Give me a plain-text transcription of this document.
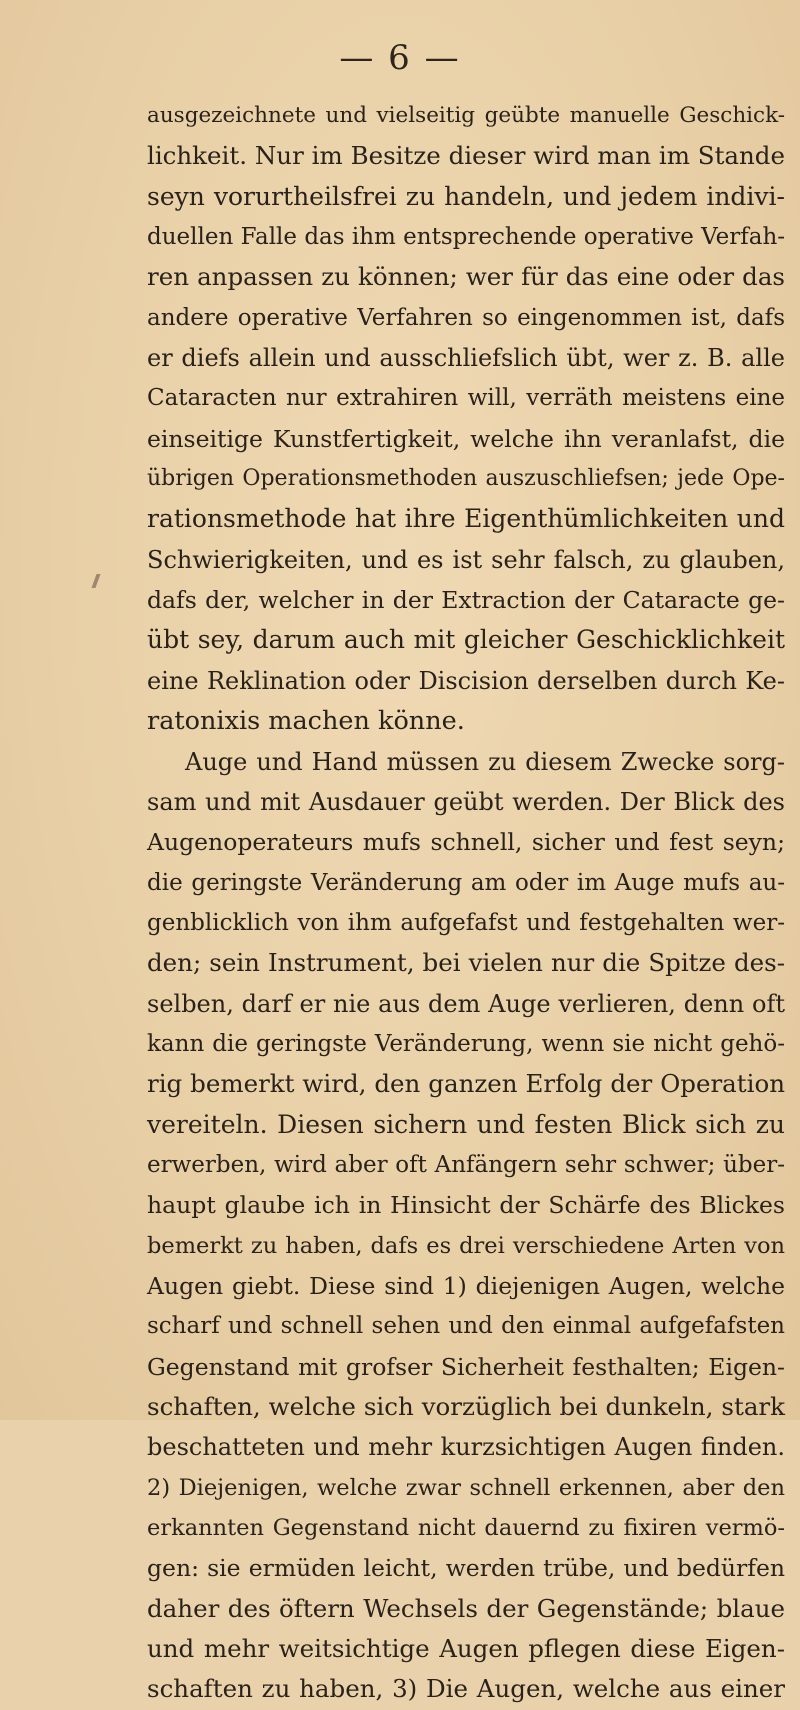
— 6 —
ausgezeichnete und vielseitig geübte manuelle Geschick-
lichkeit. Nur im Besitze dieser wird man im Stande
seyn vorurtheilsfrei zu handeln, und jedem indivi-
duellen Falle das ihm entsprechende operative Verfah-
ren anpassen zu können; wer für das eine oder das
andere operative Verfahren so eingenommen ist, dafs
er diefs allein und ausschliefslich übt, wer z. B. alle
Cataracten nur extrahiren will, verräth meistens eine
einseitige Kunstfertigkeit, welche ihn veranlafst, die
übrigen Operationsmethoden auszuschliefsen; jede Ope-
rationsmethode hat ihre Eigenthümlichkeiten und
Schwierigkeiten, und es ist sehr falsch, zu glauben,
dafs der, welcher in der Extraction der Cataracte ge-
übt sey, darum auch mit gleicher Geschicklichkeit
eine Reklination oder Discision derselben durch Ke-
ratonixis machen könne.
Auge und Hand müssen zu diesem Zwecke sorg-
sam und mit Ausdauer geübt werden. Der Blick des
Augenoperateurs mufs schnell, sicher und fest seyn;
die geringste Veränderung am oder im Auge mufs au-
genblicklich von ihm aufgefafst und festgehalten wer-
den; sein Instrument, bei vielen nur die Spitze des-
selben, darf er nie aus dem Auge verlieren, denn oft
kann die geringste Veränderung, wenn sie nicht gehö-
rig bemerkt wird, den ganzen Erfolg der Operation
vereiteln. Diesen sichern und festen Blick sich zu
erwerben, wird aber oft Anfängern sehr schwer; über-
haupt glaube ich in Hinsicht der Schärfe des Blickes
bemerkt zu haben, dafs es drei verschiedene Arten von
Augen giebt. Diese sind 1) diejenigen Augen, welche
scharf und schnell sehen und den einmal aufgefafsten
Gegenstand mit grofser Sicherheit festhalten; Eigen-
schaften, welche sich vorzüglich bei dunkeln, stark
beschatteten und mehr kurzsichtigen Augen finden.
2) Diejenigen, welche zwar schnell erkennen, aber den
erkannten Gegenstand nicht dauernd zu fixiren vermö-
gen: sie ermüden leicht, werden trübe, und bedürfen
daher des öftern Wechsels der Gegenstände; blaue
und mehr weitsichtige Augen pflegen diese Eigen-
schaften zu haben, 3) Die Augen, welche aus einer
